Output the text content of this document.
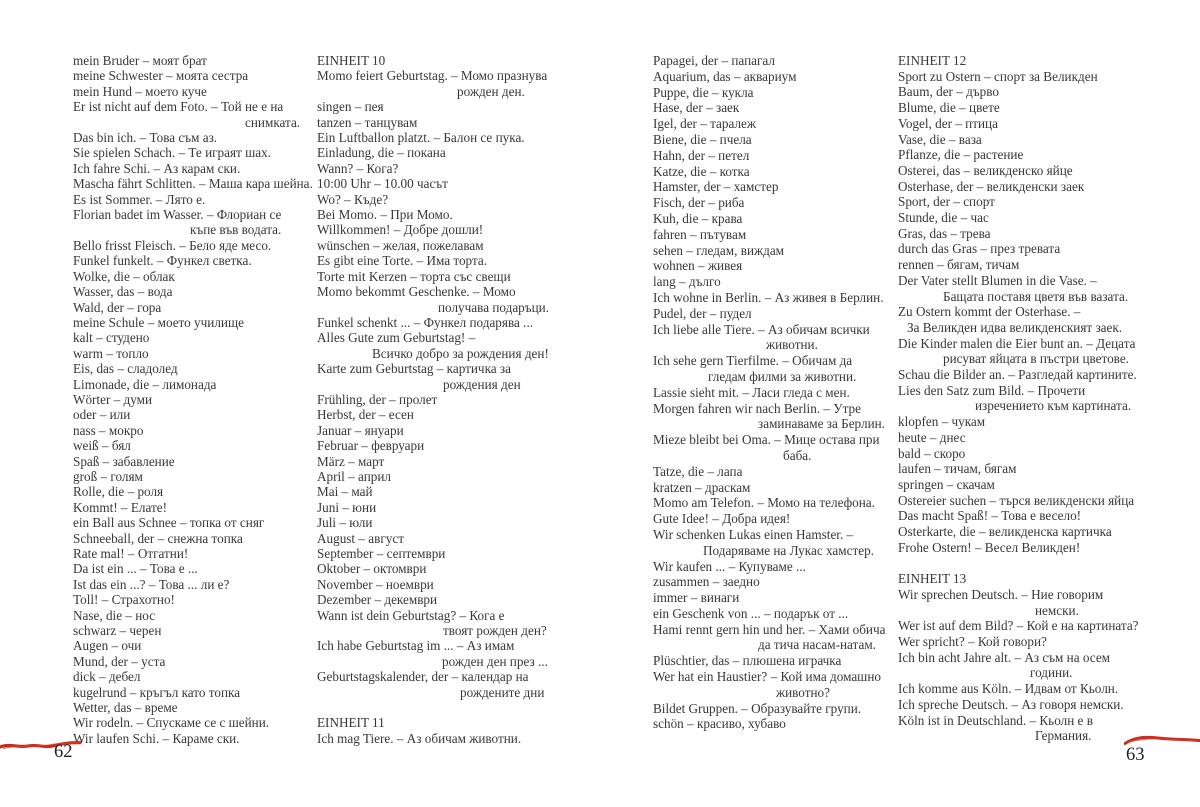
mein Bruder – моят брат
meine Schwester – моята сестра
mein Hund – моето куче
Er ist nicht auf dem Foto. – Той не е на
снимката.
Das bin ich. – Това съм аз.
Sie spielen Schach. – Те играят шах.
Ich fahre Schi. – Аз карам ски.
Mascha fährt Schlitten. – Маша кара шейна.
Es ist Sommer. – Лято е.
Florian badet im Wasser. – Флориан се
къпе във водата.
Bello frisst Fleisch. – Бело яде месо.
Funkel funkelt. – Функел светка.
Wolke, die – облак
Wasser, das – вода
Wald, der – гора
meine Schule – моето училище
kalt – студено
warm – топло
Eis, das – сладолед
Limonade, die – лимонада
Wörter – думи
oder – или
nass – мокро
weiß – бял
Spaß – забавление
groß – голям
Rolle, die – роля
Kommt! – Елате!
ein Ball aus Schnee – топка от сняг
Schneeball, der – снежна топка
Rate mal! – Отгатни!
Da ist ein ... – Това е ...
Ist das ein ...? – Това ... ли е?
Toll! – Страхотно!
Nase, die – нос
schwarz – черен
Augen – очи
Mund, der – уста
dick – дебел
kugelrund – кръгъл като топка
Wetter, das – време
Wir rodeln. – Спускаме се с шейни.
Wir laufen Schi. – Караме ски.
EINHEIT 10
Momo feiert Geburtstag. – Момо празнува
рожден ден.
singen – пея
tanzen – танцувам
Ein Luftballon platzt. – Балон се пука.
Einladung, die – покана
Wann? – Кога?
10:00 Uhr – 10.00 часът
Wo? – Къде?
Bei Momo. – При Момо.
Willkommen! – Добре дошли!
wünschen – желая, пожелавам
Es gibt eine Torte. – Има торта.
Torte mit Kerzen – торта със свещи
Momo bekommt Geschenke. – Момо
получава подаръци.
Funkel schenkt ... – Функел подарява ...
Alles Gute zum Geburtstag! –
Всичко добро за рождения ден!
Karte zum Geburtstag – картичка за
рождения ден
Frühling, der – пролет
Herbst, der – есен
Januar – януари
Februar – февруари
März – март
April – април
Mai – май
Juni – юни
Juli – юли
August – август
September – септември
Oktober – октомври
November – ноември
Dezember – декември
Wann ist dein Geburtstag? – Кога е
твоят рожден ден?
Ich habe Geburtstag im ... – Аз имам
рожден ден през ...
Geburtstagskalender, der – календар на
рождените дни

EINHEIT 11
Ich mag Tiere. – Аз обичам животни.
62
Papagei, der – папагал
Aquarium, das – аквариум
Puppe, die – кукла
Hase, der – заек
Igel, der – таралеж
Biene, die – пчела
Hahn, der – петел
Katze, die – котка
Hamster, der – хамстер
Fisch, der – риба
Kuh, die – крава
fahren – пътувам
sehen – гледам, виждам
wohnen – живея
lang – дълго
Ich wohne in Berlin. – Аз живея в Берлин.
Pudel, der – пудел
Ich liebe alle Tiere. – Аз обичам всички
животни.
Ich sehe gern Tierfilme. – Обичам да
гледам филми за животни.
Lassie sieht mit. – Ласи гледа с мен.
Morgen fahren wir nach Berlin. – Утре
заминаваме за Берлин.
Mieze bleibt bei Oma. – Мице остава при
баба.
Tatze, die – лапа
kratzen – драскам
Momo am Telefon. – Момо на телефона.
Gute Idee! – Добра идея!
Wir schenken Lukas einen Hamster. –
Подаряваме на Лукас хамстер.
Wir kaufen ... – Купуваме ...
zusammen – заедно
immer – винаги
ein Geschenk von ... – подарък от ...
Hami rennt gern hin und her. – Хами обича
да тича насам-натам.
Plüschtier, das – плюшена играчка
Wer hat ein Haustier? – Кой има домашно
животно?
Bildet Gruppen. – Образувайте групи.
schön – красиво, хубаво
EINHEIT 12
Sport zu Ostern – спорт за Великден
Baum, der – дърво
Blume, die – цвете
Vogel, der – птица
Vase, die – ваза
Pflanze, die – растение
Osterei, das – великденско яйце
Osterhase, der – великденски заек
Sport, der – спорт
Stunde, die – час
Gras, das – трева
durch das Gras – през тревата
rennen – бягам, тичам
Der Vater stellt Blumen in die Vase. –
Бащата поставя цветя във вазата.
Zu Ostern kommt der Osterhase. –
За Великден идва великденският заек.
Die Kinder malen die Eier bunt an. – Децата
рисуват яйцата в пъстри цветове.
Schau die Bilder an. – Разгледай картините.
Lies den Satz zum Bild. – Прочети
изречението към картината.
klopfen – чукам
heute – днес
bald – скоро
laufen – тичам, бягам
springen – скачам
Ostereier suchen – търся великденски яйца
Das macht Spaß! – Това е весело!
Osterkarte, die – великденска картичка
Frohe Ostern! – Весел Великден!

EINHEIT 13
Wir sprechen Deutsch. – Ние говорим
немски.
Wer ist auf dem Bild? – Кой е на картината?
Wer spricht? – Кой говори?
Ich bin acht Jahre alt. – Аз съм на осем
години.
Ich komme aus Köln. – Идвам от Кьолн.
Ich spreche Deutsch. – Аз говоря немски.
Köln ist in Deutschland. – Кьолн е в
Германия.
63
